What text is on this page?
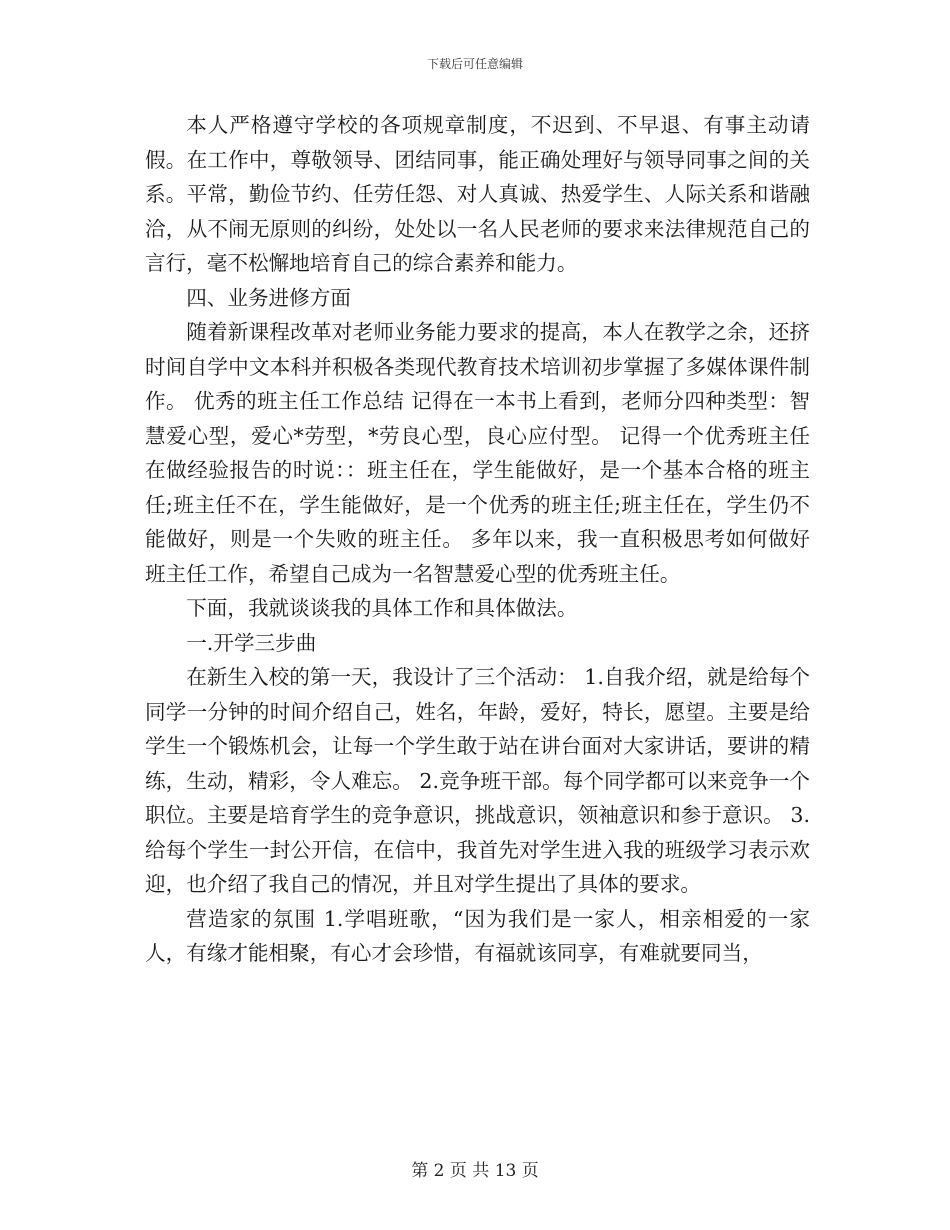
下载后可任意编辑

本人严格遵守学校的各项规章制度，不迟到、不早退、有事主动请假。在工作中，尊敬领导、团结同事，能正确处理好与领导同事之间的关系。平常，勤俭节约、任劳任怨、对人真诚、热爱学生、人际关系和谐融洽，从不闹无原则的纠纷，处处以一名人民老师的要求来法律规范自己的言行，毫不松懈地培育自己的综合素养和能力。

四、业务进修方面

随着新课程改革对老师业务能力要求的提高，本人在教学之余，还挤时间自学中文本科并积极各类现代教育技术培训初步掌握了多媒体课件制作。 优秀的班主任工作总结 记得在一本书上看到，老师分四种类型：智慧爱心型，爱心*劳型，*劳良心型，良心应付型。 记得一个优秀班主任在做经验报告的时说：：班主任在，学生能做好，是一个基本合格的班主任;班主任不在，学生能做好，是一个优秀的班主任;班主任在，学生仍不能做好，则是一个失败的班主任。 多年以来，我一直积极思考如何做好班主任工作，希望自己成为一名智慧爱心型的优秀班主任。

下面，我就谈谈我的具体工作和具体做法。

一.开学三步曲

在新生入校的第一天，我设计了三个活动： 1.自我介绍，就是给每个同学一分钟的时间介绍自己，姓名，年龄，爱好，特长，愿望。主要是给学生一个锻炼机会，让每一个学生敢于站在讲台面对大家讲话，要讲的精练，生动，精彩，令人难忘。 2.竞争班干部。每个同学都可以来竞争一个职位。主要是培育学生的竞争意识，挑战意识，领袖意识和参于意识。 3.给每个学生一封公开信，在信中，我首先对学生进入我的班级学习表示欢迎，也介绍了我自己的情况，并且对学生提出了具体的要求。

营造家的氛围 1.学唱班歌，“因为我们是一家人，相亲相爱的一家人，有缘才能相聚，有心才会珍惜，有福就该同享，有难就要同当，

第 2 页 共 13 页
